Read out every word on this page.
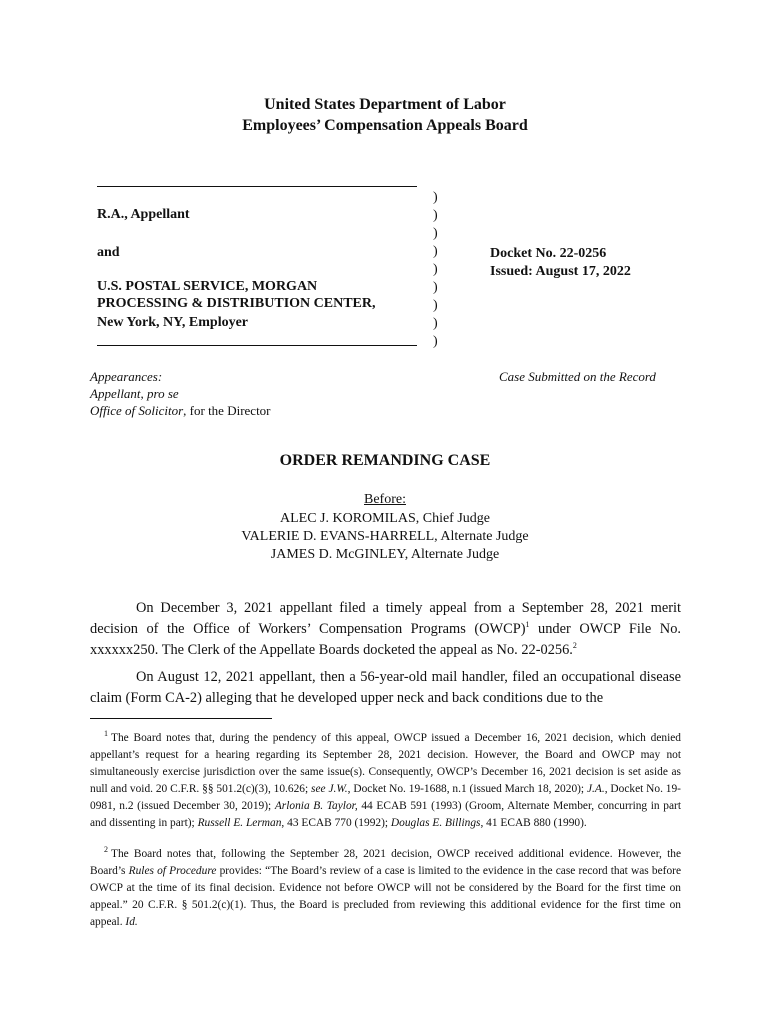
United States Department of Labor
Employees’ Compensation Appeals Board
R.A., Appellant
and
U.S. POSTAL SERVICE, MORGAN
PROCESSING & DISTRIBUTION CENTER,
New York, NY, Employer
)
)
)
)
)
)
)
)
)
Docket No. 22-0256
Issued: August 17, 2022
Appearances:
Appellant, pro se
Office of Solicitor, for the Director
Case Submitted on the Record
ORDER REMANDING CASE
Before:
ALEC J. KOROMILAS, Chief Judge
VALERIE D. EVANS-HARRELL, Alternate Judge
JAMES D. McGINLEY, Alternate Judge
On December 3, 2021 appellant filed a timely appeal from a September 28, 2021 merit decision of the Office of Workers’ Compensation Programs (OWCP)$^1$ under OWCP File No. xxxxxx250. The Clerk of the Appellate Boards docketed the appeal as No. 22-0256.$^2$
On August 12, 2021 appellant, then a 56-year-old mail handler, filed an occupational disease claim (Form CA-2) alleging that he developed upper neck and back conditions due to the
$^1$ The Board notes that, during the pendency of this appeal, OWCP issued a December 16, 2021 decision, which denied appellant’s request for a hearing regarding its September 28, 2021 decision. However, the Board and OWCP may not simultaneously exercise jurisdiction over the same issue(s). Consequently, OWCP’s December 16, 2021 decision is set aside as null and void. 20 C.F.R. §§ 501.2(c)(3), 10.626; see J.W., Docket No. 19-1688, n.1 (issued March 18, 2020); J.A., Docket No. 19-0981, n.2 (issued December 30, 2019); Arlonia B. Taylor, 44 ECAB 591 (1993) (Groom, Alternate Member, concurring in part and dissenting in part); Russell E. Lerman, 43 ECAB 770 (1992); Douglas E. Billings, 41 ECAB 880 (1990).
$^2$ The Board notes that, following the September 28, 2021 decision, OWCP received additional evidence. However, the Board’s Rules of Procedure provides: “The Board’s review of a case is limited to the evidence in the case record that was before OWCP at the time of its final decision. Evidence not before OWCP will not be considered by the Board for the first time on appeal.” 20 C.F.R. § 501.2(c)(1). Thus, the Board is precluded from reviewing this additional evidence for the first time on appeal. Id.
